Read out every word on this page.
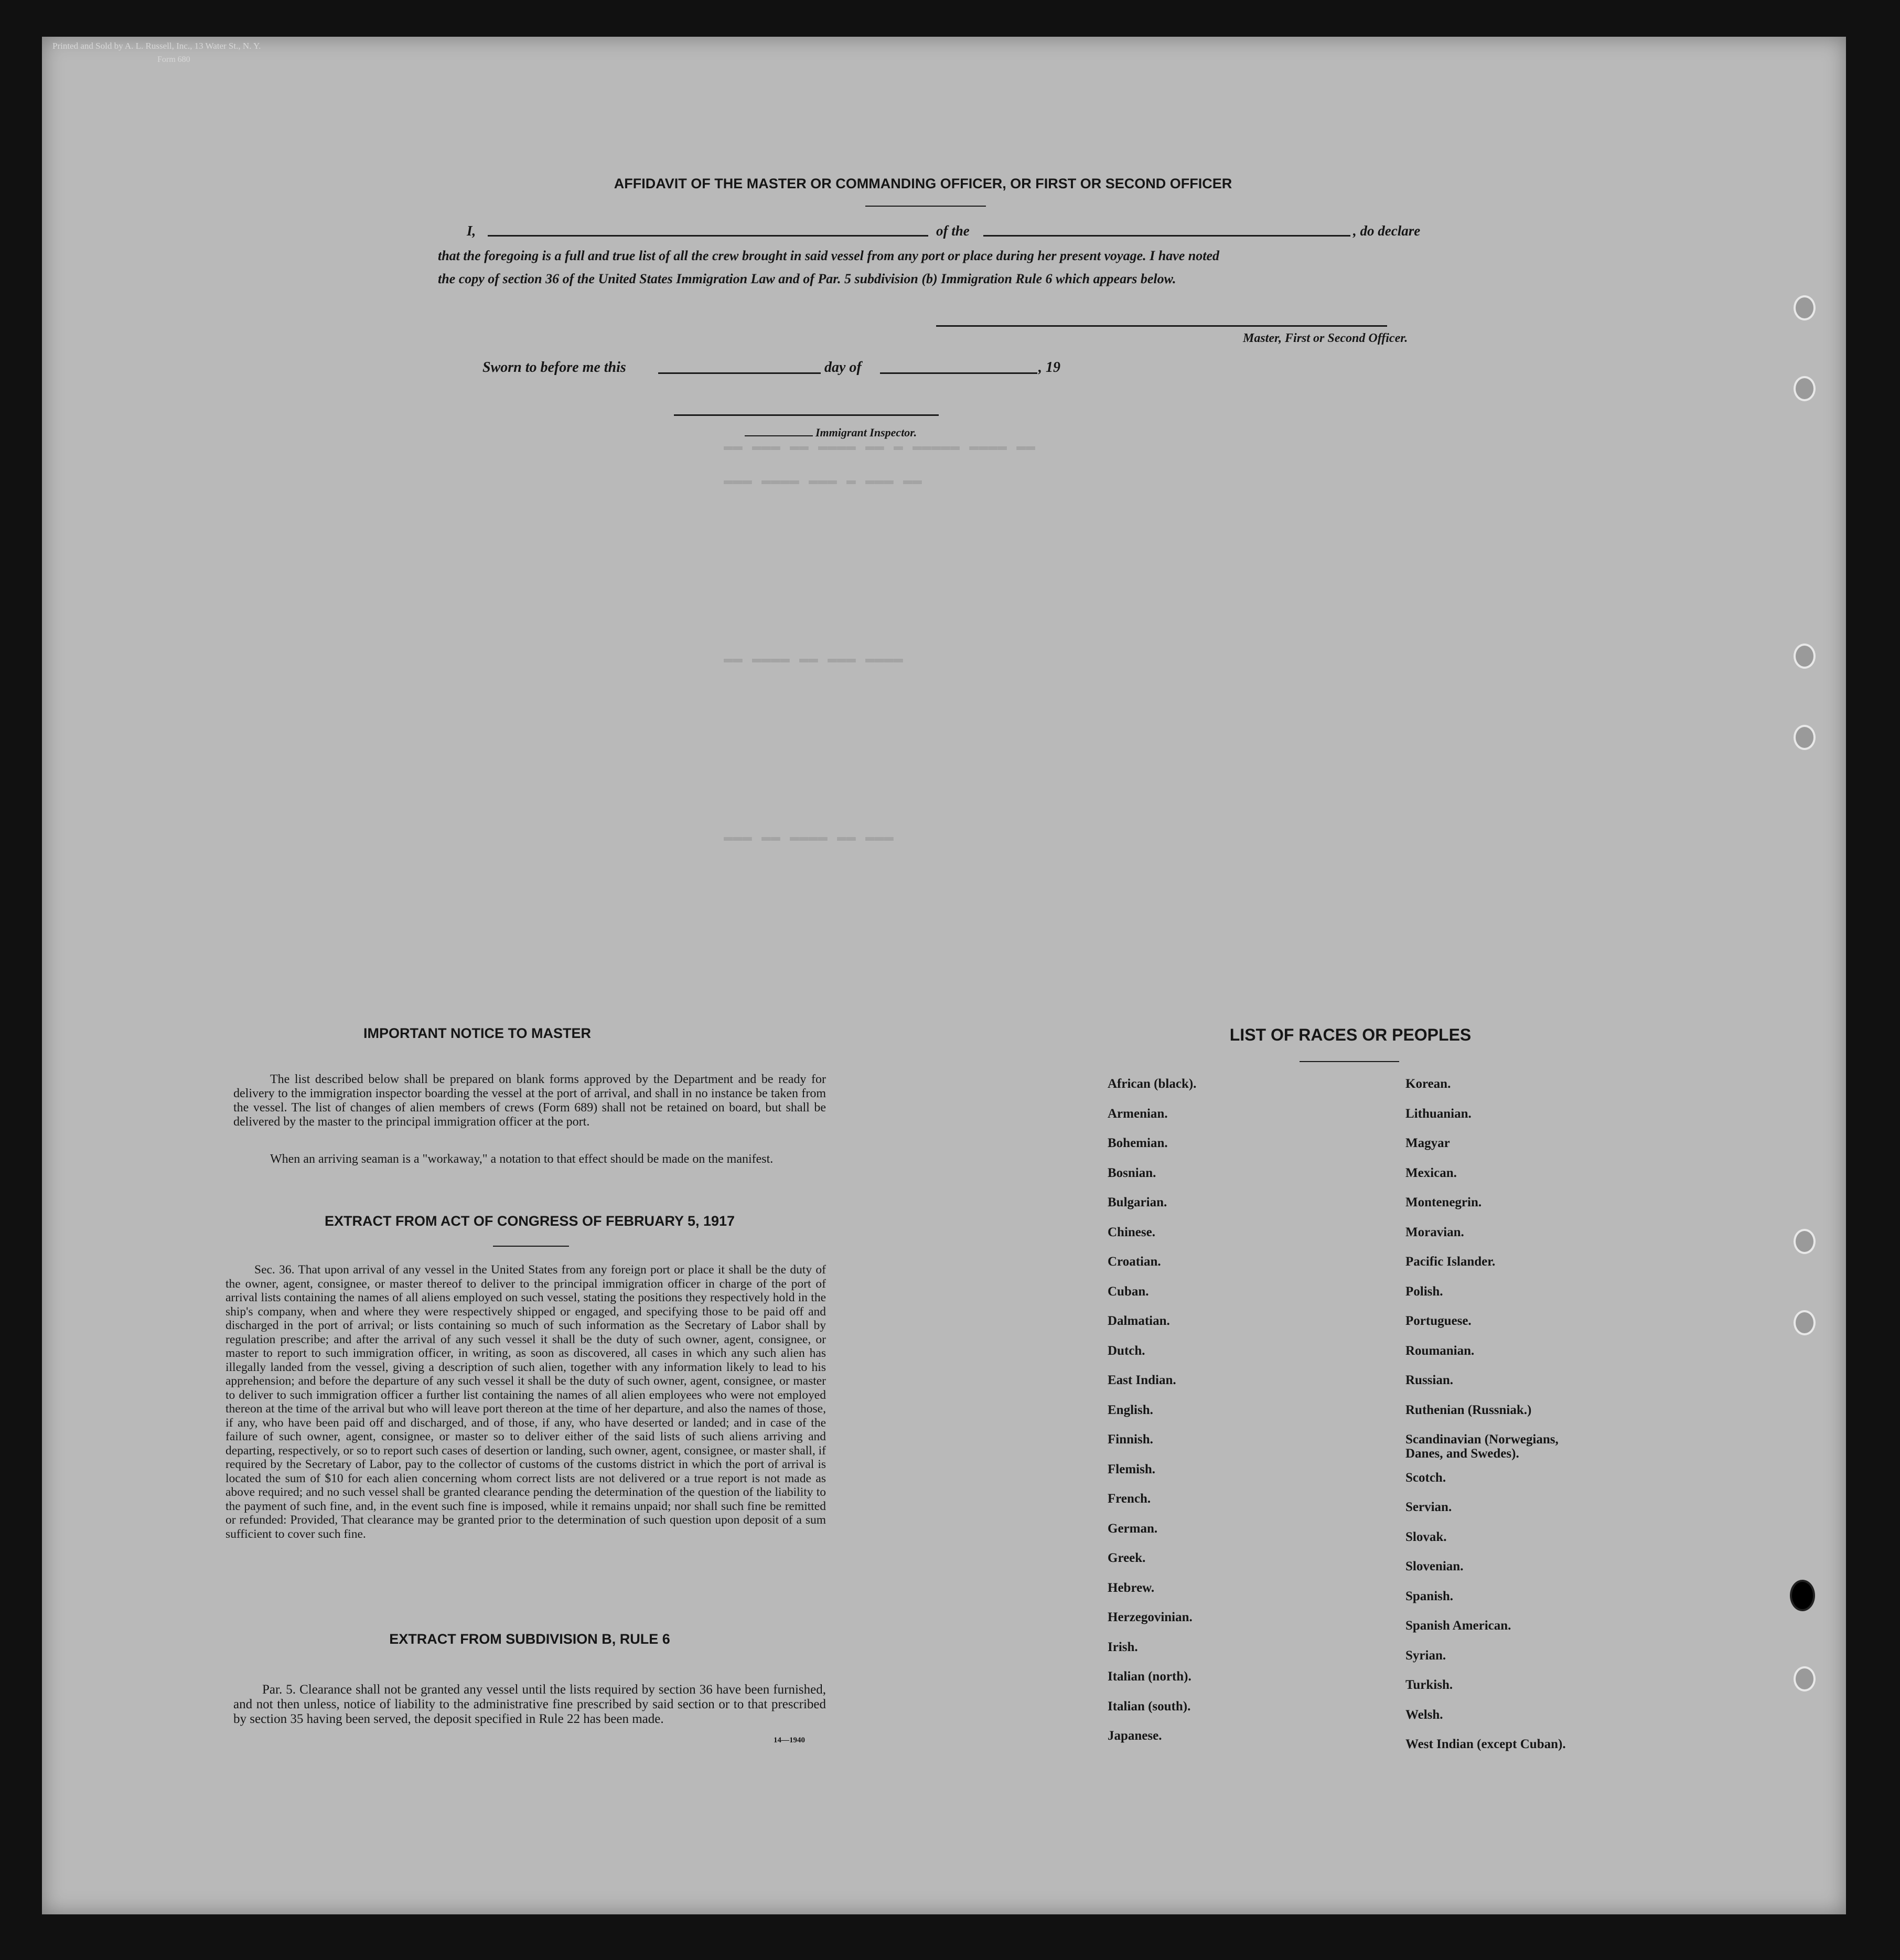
Printed and Sold by A. L. Russell, Inc., 13 Water St., N. Y.
Form 680
▬▬ ▬▬▬ ▬▬ ▬▬▬▬ ▬▬ ▬ ▬▬▬▬▬ ▬▬▬▬ ▬▬
▬▬▬ ▬▬▬▬ ▬▬▬ ▬ ▬▬▬ ▬▬
▬▬ ▬▬▬▬ ▬▬ ▬▬▬ ▬▬▬▬
▬▬▬ ▬▬ ▬▬▬▬ ▬▬ ▬▬▬
AFFIDAVIT OF THE MASTER OR COMMANDING OFFICER, OR FIRST OR SECOND OFFICER
I,	of the	, do declare
that the foregoing is a full and true list of all the crew brought in said vessel from any port or place during her present voyage. I have noted
the copy of section 36 of the United States Immigration Law and of Par. 5 subdivision (b) Immigration Rule 6 which appears below.
Master, First or Second Officer.
Sworn to before me this	day of	, 19
Immigrant Inspector.
IMPORTANT NOTICE TO MASTER
The list described below shall be prepared on blank forms approved by the Department and be ready for delivery to the immigration inspector boarding the vessel at the port of arrival, and shall in no instance be taken from the vessel. The list of changes of alien members of crews (Form 689) shall not be retained on board, but shall be delivered by the master to the principal immigration officer at the port.
When an arriving seaman is a "workaway," a notation to that effect should be made on the manifest.
EXTRACT FROM ACT OF CONGRESS OF FEBRUARY 5, 1917
Sec. 36. That upon arrival of any vessel in the United States from any foreign port or place it shall be the duty of the owner, agent, consignee, or master thereof to deliver to the principal immigration officer in charge of the port of arrival lists containing the names of all aliens employed on such vessel, stating the positions they respectively hold in the ship's company, when and where they were respectively shipped or engaged, and specifying those to be paid off and discharged in the port of arrival; or lists containing so much of such information as the Secretary of Labor shall by regulation prescribe; and after the arrival of any such vessel it shall be the duty of such owner, agent, consignee, or master to report to such immigration officer, in writing, as soon as discovered, all cases in which any such alien has illegally landed from the vessel, giving a description of such alien, together with any information likely to lead to his apprehension; and before the departure of any such vessel it shall be the duty of such owner, agent, consignee, or master to deliver to such immigration officer a further list containing the names of all alien employees who were not employed thereon at the time of the arrival but who will leave port thereon at the time of her departure, and also the names of those, if any, who have been paid off and discharged, and of those, if any, who have deserted or landed; and in case of the failure of such owner, agent, consignee, or master so to deliver either of the said lists of such aliens arriving and departing, respectively, or so to report such cases of desertion or landing, such owner, agent, consignee, or master shall, if required by the Secretary of Labor, pay to the collector of customs of the customs district in which the port of arrival is located the sum of $10 for each alien concerning whom correct lists are not delivered or a true report is not made as above required; and no such vessel shall be granted clearance pending the determination of the question of the liability to the payment of such fine, and, in the event such fine is imposed, while it remains unpaid; nor shall such fine be remitted or refunded: Provided, That clearance may be granted prior to the determination of such question upon deposit of a sum sufficient to cover such fine.
EXTRACT FROM SUBDIVISION B, RULE 6
Par. 5. Clearance shall not be granted any vessel until the lists required by section 36 have been furnished, and not then unless, notice of liability to the administrative fine prescribed by said section or to that prescribed by section 35 having been served, the deposit specified in Rule 22 has been made.
14—1940
LIST OF RACES OR PEOPLES
African (black).
Armenian.
Bohemian.
Bosnian.
Bulgarian.
Chinese.
Croatian.
Cuban.
Dalmatian.
Dutch.
East Indian.
English.
Finnish.
Flemish.
French.
German.
Greek.
Hebrew.
Herzegovinian.
Irish.
Italian (north).
Italian (south).
Japanese.
Korean.
Lithuanian.
Magyar
Mexican.
Montenegrin.
Moravian.
Pacific Islander.
Polish.
Portuguese.
Roumanian.
Russian.
Ruthenian (Russniak.)
Scandinavian (Norwegians, Danes, and Swedes).
Scotch.
Servian.
Slovak.
Slovenian.
Spanish.
Spanish American.
Syrian.
Turkish.
Welsh.
West Indian (except Cuban).
